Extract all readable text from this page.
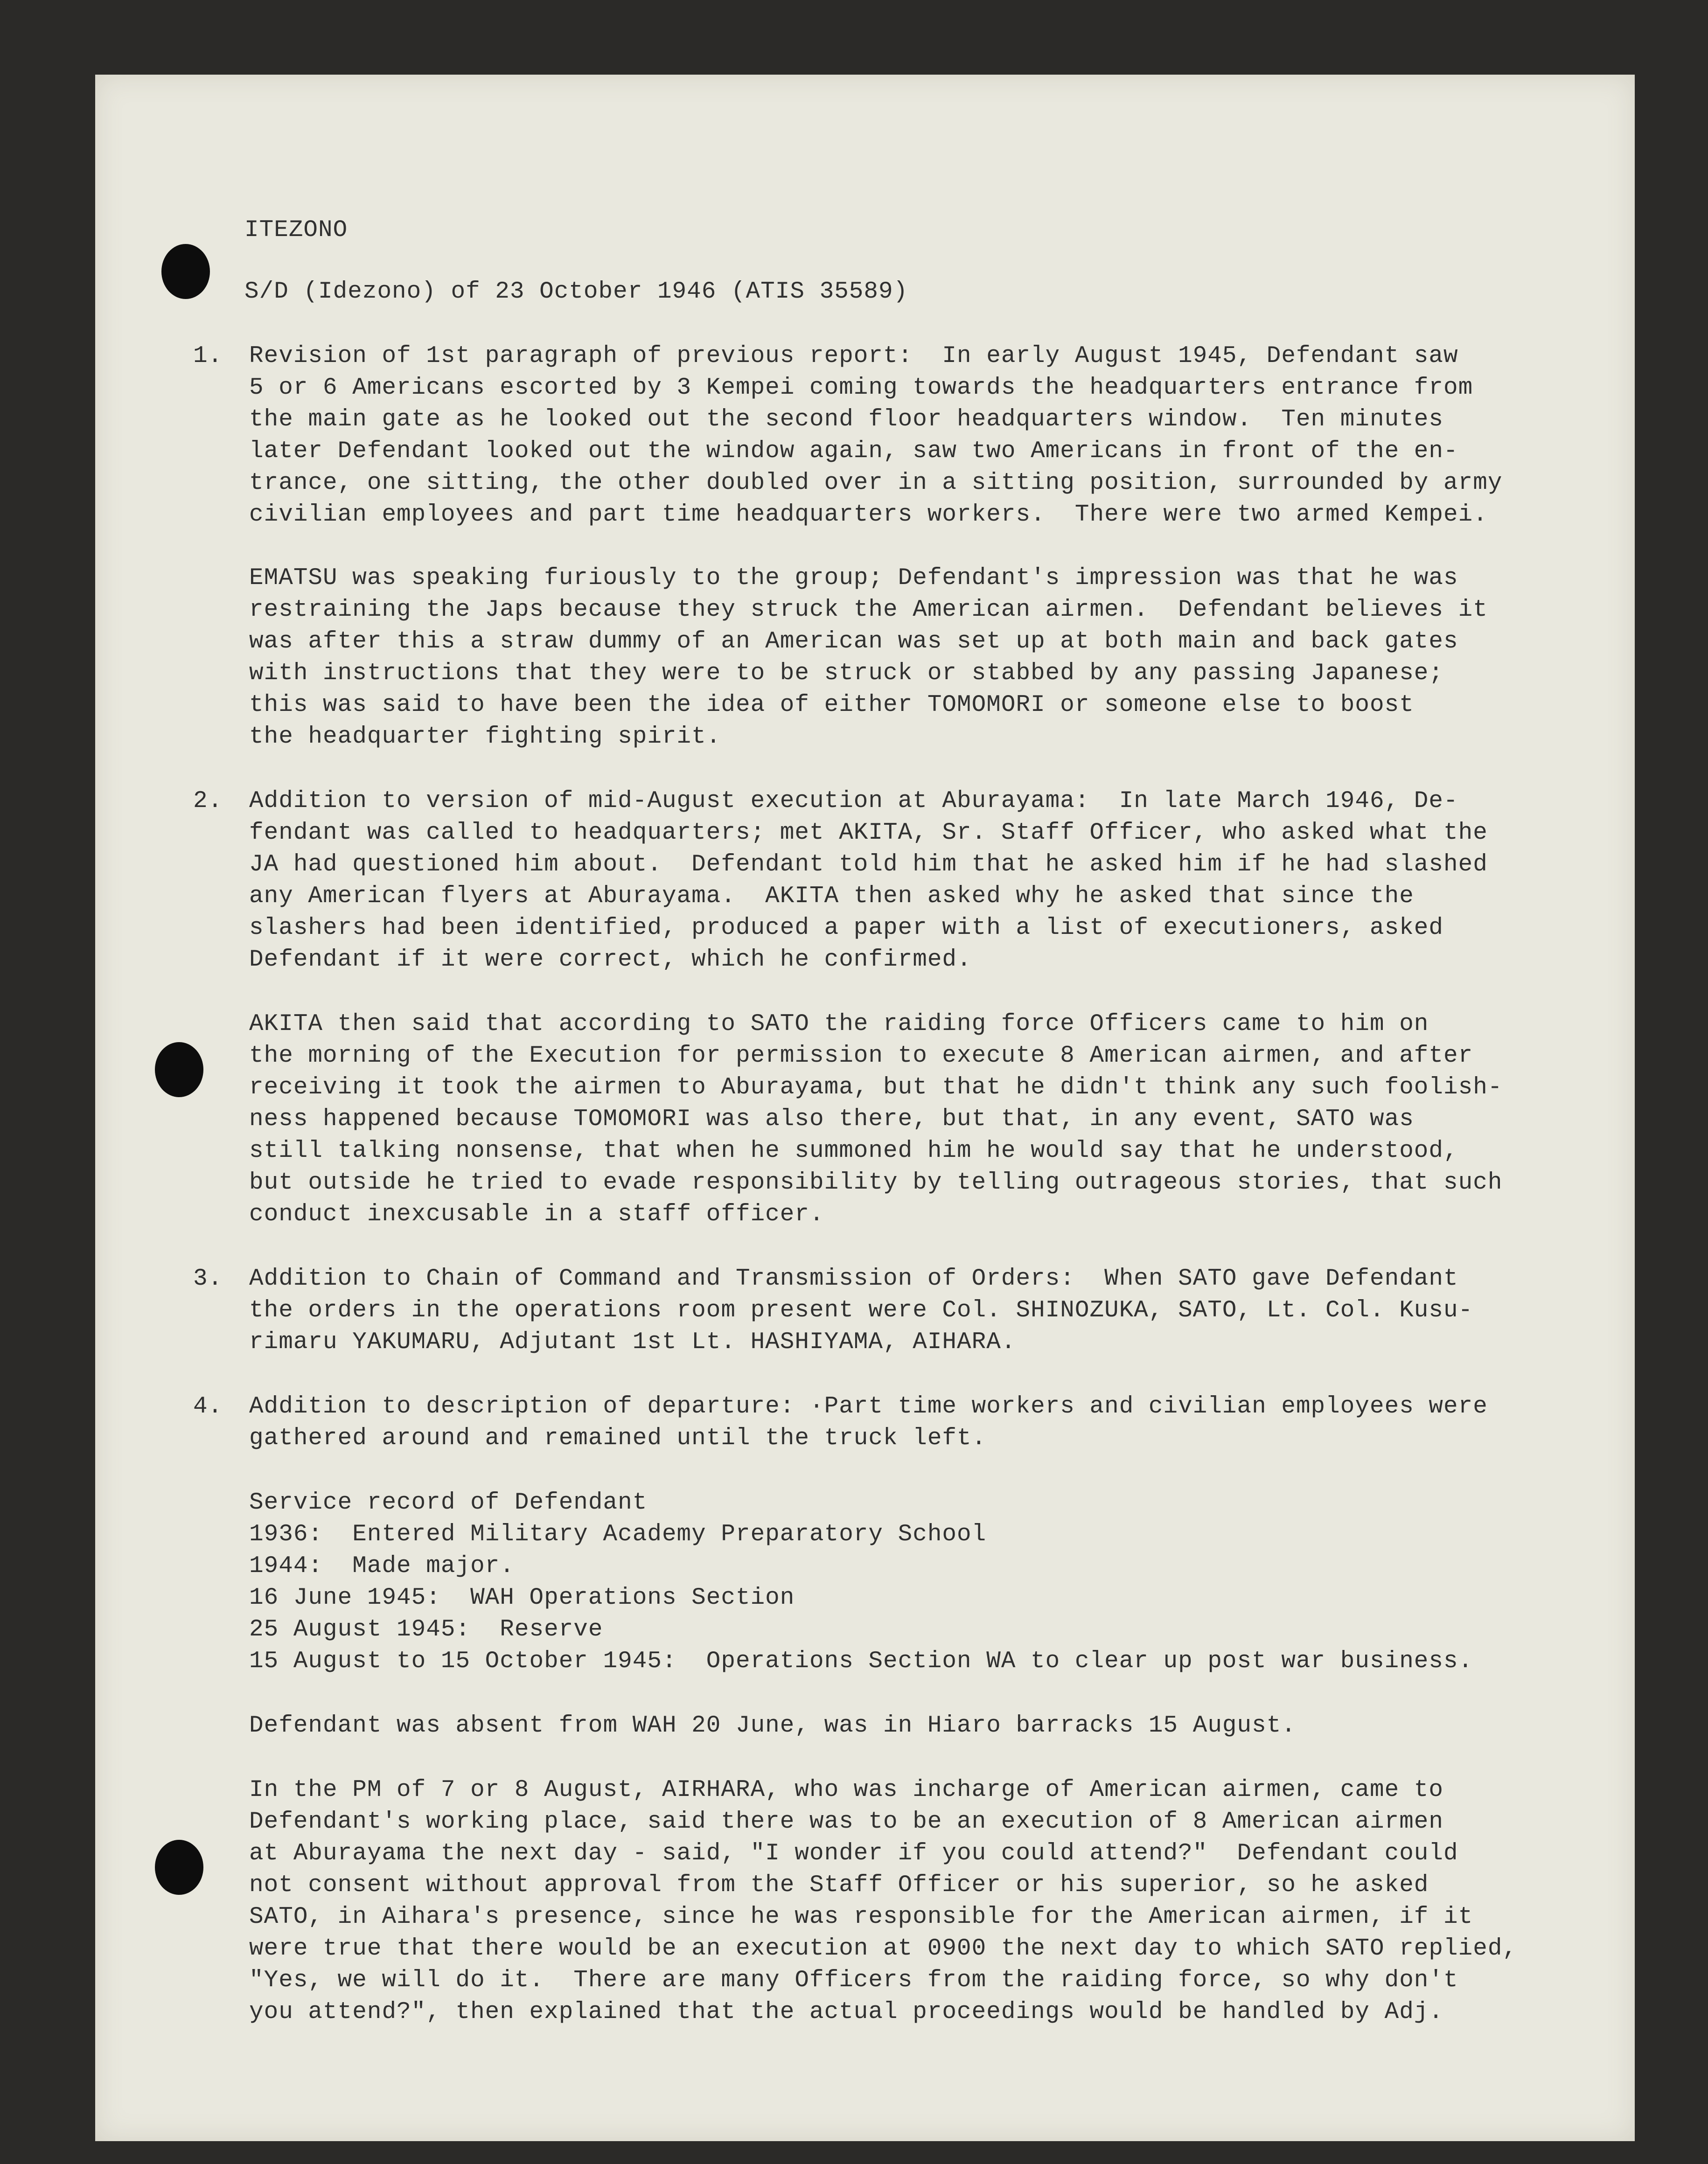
ITEZONO

S/D (Idezono) of 23 October 1946 (ATIS 35589)

1. Revision of 1st paragraph of previous report:  In early August 1945, Defendant saw
5 or 6 Americans escorted by 3 Kempei coming towards the headquarters entrance from
the main gate as he looked out the second floor headquarters window.  Ten minutes
later Defendant looked out the window again, saw two Americans in front of the en-
trance, one sitting, the other doubled over in a sitting position, surrounded by army
civilian employees and part time headquarters workers.  There were two armed Kempei.

EMATSU was speaking furiously to the group; Defendant's impression was that he was
restraining the Japs because they struck the American airmen.  Defendant believes it
was after this a straw dummy of an American was set up at both main and back gates
with instructions that they were to be struck or stabbed by any passing Japanese;
this was said to have been the idea of either TOMOMORI or someone else to boost
the headquarter fighting spirit.

2. Addition to version of mid-August execution at Aburayama:  In late March 1946, De-
fendant was called to headquarters; met AKITA, Sr. Staff Officer, who asked what the
JA had questioned him about.  Defendant told him that he asked him if he had slashed
any American flyers at Aburayama.  AKITA then asked why he asked that since the
slashers had been identified, produced a paper with a list of executioners, asked
Defendant if it were correct, which he confirmed.

AKITA then said that according to SATO the raiding force Officers came to him on
the morning of the Execution for permission to execute 8 American airmen, and after
receiving it took the airmen to Aburayama, but that he didn't think any such foolish-
ness happened because TOMOMORI was also there, but that, in any event, SATO was
still talking nonsense, that when he summoned him he would say that he understood,
but outside he tried to evade responsibility by telling outrageous stories, that such
conduct inexcusable in a staff officer.

3. Addition to Chain of Command and Transmission of Orders:  When SATO gave Defendant
the orders in the operations room present were Col. SHINOZUKA, SATO, Lt. Col. Kusu-
rimaru YAKUMARU, Adjutant 1st Lt. HASHIYAMA, AIHARA.

4. Addition to description of departure: ·Part time workers and civilian employees were
gathered around and remained until the truck left.

Service record of Defendant

1936:  Entered Military Academy Preparatory School

1944:  Made major.

16 June 1945:  WAH Operations Section

25 August 1945:  Reserve

15 August to 15 October 1945:  Operations Section WA to clear up post war business.

Defendant was absent from WAH 20 June, was in Hiaro barracks 15 August.

In the PM of 7 or 8 August, AIRHARA, who was incharge of American airmen, came to
Defendant's working place, said there was to be an execution of 8 American airmen
at Aburayama the next day - said, "I wonder if you could attend?"  Defendant could
not consent without approval from the Staff Officer or his superior, so he asked
SATO, in Aihara's presence, since he was responsible for the American airmen, if it
were true that there would be an execution at 0900 the next day to which SATO replied,
"Yes, we will do it.  There are many Officers from the raiding force, so why don't
you attend?", then explained that the actual proceedings would be handled by Adj.
